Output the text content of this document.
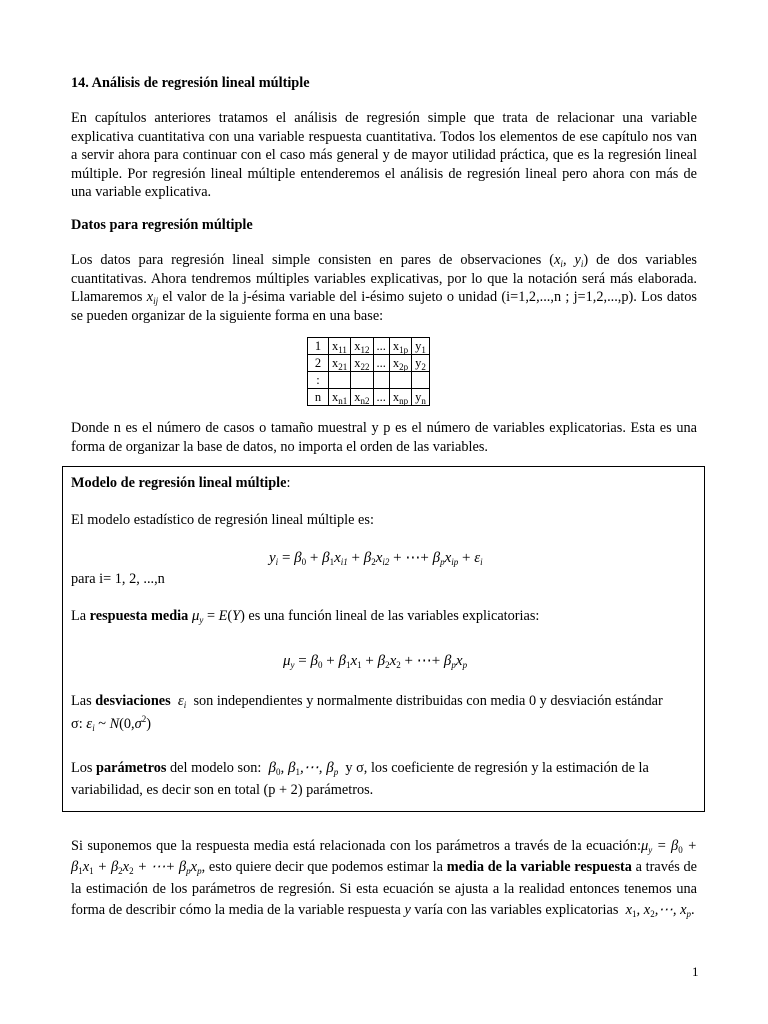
14. Análisis de regresión lineal múltiple
En capítulos anteriores tratamos el análisis de regresión simple que trata de relacionar una variable explicativa cuantitativa con una variable respuesta cuantitativa. Todos los elementos de ese capítulo nos van a servir ahora para continuar con el caso más general y de mayor utilidad práctica, que es la regresión lineal múltiple. Por regresión lineal múltiple entenderemos el análisis de regresión lineal pero ahora con más de una variable explicativa.
Datos para regresión múltiple
Los datos para regresión lineal simple consisten en pares de observaciones ($x_i$, $y_i$) de dos variables cuantitativas. Ahora tendremos múltiples variables explicativas, por lo que la notación será más elaborada. Llamaremos $x_{ij}$ el valor de la j-ésima variable del i-ésimo sujeto o unidad (i=1,2,...,n ; j=1,2,...,p). Los datos se pueden organizar de la siguiente forma en una base:
1	$x_{11}$	$x_{12}$	...	$x_{1p}$	$y_1$
2	$x_{21}$	$x_{22}$	...	$x_{2p}$	$y_2$
:					
n	$x_{n1}$	$x_{n2}$	...	$x_{np}$	$y_n$
Donde n es el número de casos o tamaño muestral y p es el número de variables explicatorias. Esta es una forma de organizar la base de datos, no importa el orden de las variables.
Modelo de regresión lineal múltiple:
El modelo estadístico de regresión lineal múltiple es:
$y_i = \beta_0 + \beta_1x_{i1} + \beta_2x_{i2}$ + ⋯+ $\beta_px_{ip} + \varepsilon_i$
para i= 1, 2, ...,n
La respuesta media $\mu_y = E(Y)$ es una función lineal de las variables explicatorias:
$\mu_y = \beta_0 + \beta_1x_1 + \beta_2x_2$ + ⋯+ $\beta_px_p$
Las desviaciones $\varepsilon_i$  son independientes y normalmente distribuidas con media 0 y desviación estándar
σ: $\varepsilon_i$ ~ $N(0,\sigma^2)$
Los parámetros del modelo son: $\beta_0$, $\beta_1,\cdots$, $\beta_p$ y σ, los coeficiente de regresión y la estimación de la
variabilidad, es decir son en total (p + 2) parámetros.
Si suponemos que la respuesta media está relacionada con los parámetros a través de la $ecuación:\mu_y = \beta_0 + \beta_1x_1 + \beta_2x_2$ + ⋯+ $\beta_px_p$, esto quiere decir que podemos estimar la media de la variable respuesta a través de la estimación de los parámetros de regresión. Si esta ecuación se ajusta a la realidad entonces tenemos una forma de describir cómo la media de la variable respuesta y varía con las variables explicatorias  $x_1$, $x_2,\cdots$, $x_p$.
1
